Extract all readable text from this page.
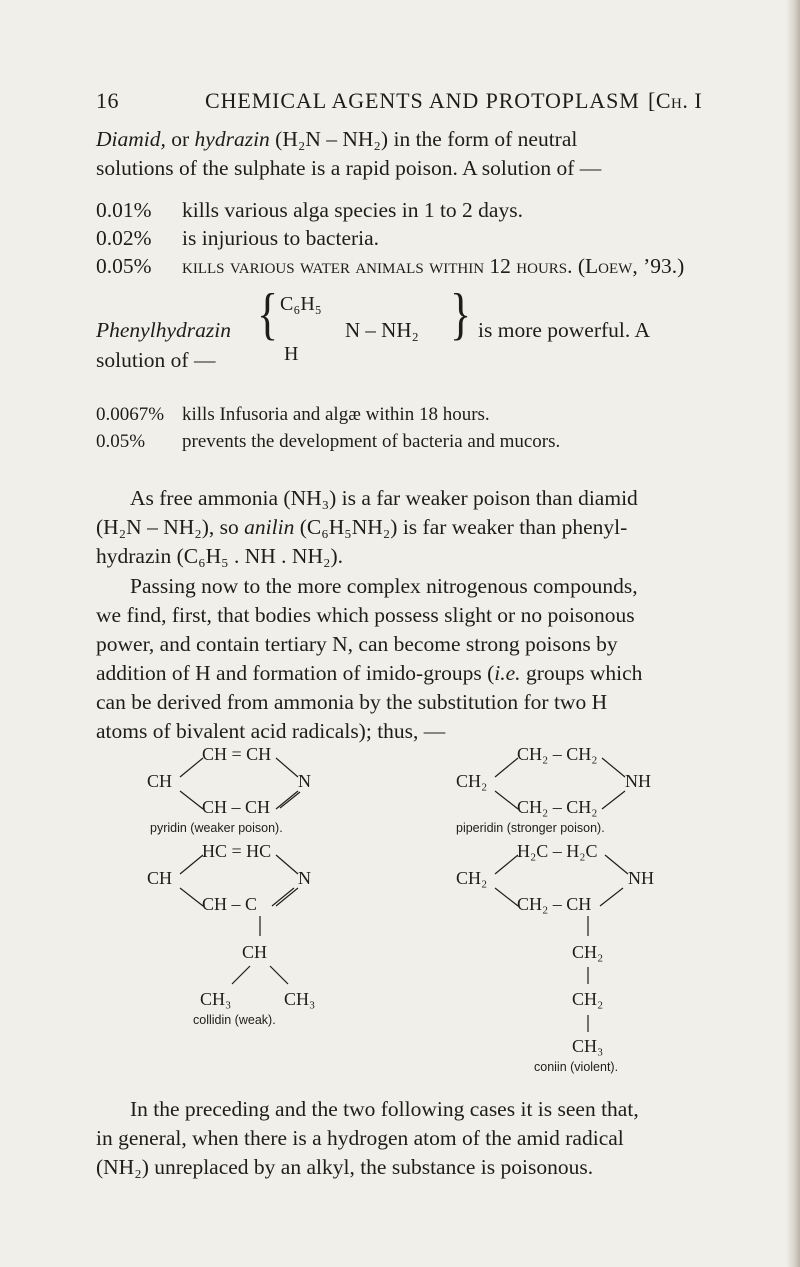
16	CHEMICAL AGENTS AND PROTOPLASM [Ch. I
Diamid, or hydrazin (H₂N – NH₂) in the form of neutral
solutions of the sulphate is a rapid poison. A solution of —
0.01% kills various alga species in 1 to 2 days.
0.02% is injurious to bacteria.
0.05% kills various water animals within 12 hours. (Loew, ’93.)
Phenylhydrazin { C₆H₅
H
N – NH₂ } is more powerful. A
solution of —
0.0067% kills Infusoria and algæ within 18 hours.
0.05% prevents the development of bacteria and mucors.
As free ammonia (NH₃) is a far weaker poison than diamid
(H₂N – NH₂), so anilin (C₆H₅NH₂) is far weaker than phenyl-
hydrazin (C₆H₅ . NH . NH₂).
Passing now to the more complex nitrogenous compounds,
we find, first, that bodies which possess slight or no poisonous
power, and contain tertiary N, can become strong poisons by
addition of H and formation of imido-groups (i.e. groups which
can be derived from ammonia by the substitution for two H
atoms of bivalent acid radicals); thus, —
CH = CH
CH	N
CH – CH
pyridin (weaker poison).
CH₂ – CH₂
CH₂	NH
CH₂ – CH₂
piperidin (stronger poison).
HC = HC
CH	N
CH – C
CH
CH₃	CH₃
collidin (weak).
H₂C – H₂C
CH₂	NH
CH₂ – CH
CH₂
CH₂
CH₃
coniin (violent).
In the preceding and the two following cases it is seen that,
in general, when there is a hydrogen atom of the amid radical
(NH₂) unreplaced by an alkyl, the substance is poisonous.
